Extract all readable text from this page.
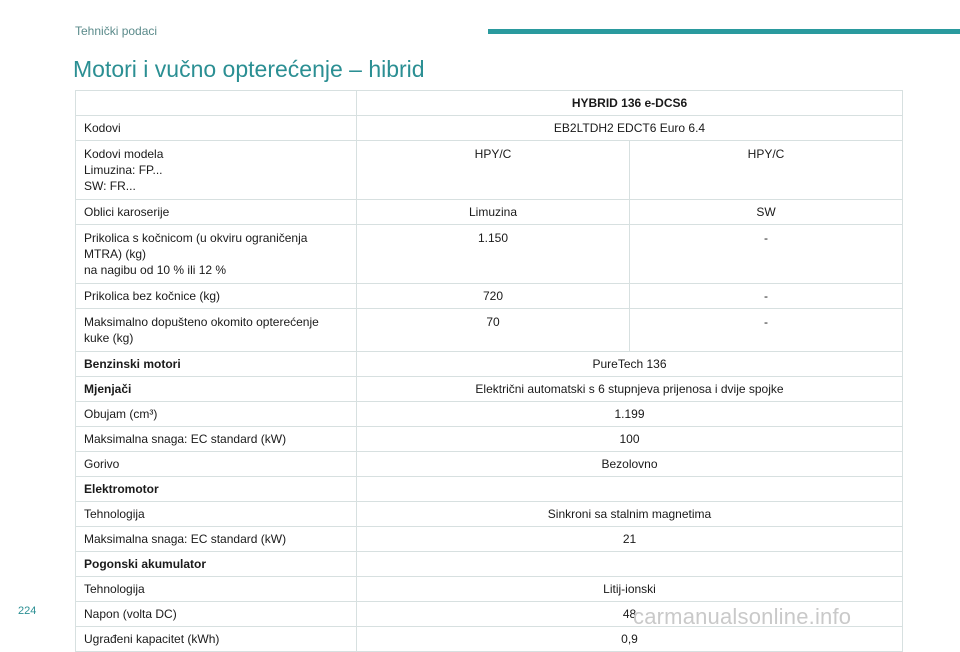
Tehnički podaci
Motori i vučno opterećenje – hibrid
	HYBRID 136 e-DCS6	

Kodovi	EB2LTDH2 EDCT6 Euro 6.4	

Kodovi modela
Limuzina: FP...
SW: FR...	HPY/C	HPY/C

Oblici karoserije	Limuzina	SW

Prikolica s kočnicom (u okviru ograničenja
MTRA) (kg)
na nagibu od 10 % ili 12 %	1.150	-

Prikolica bez kočnice (kg)	720	-

Maksimalno dopušteno okomito opterećenje
kuke (kg)	70	-

Benzinski motori	PureTech 136	

Mjenjači	Električni automatski s 6 stupnjeva prijenosa i dvije spojke	

Obujam (cm³)	1.199	

Maksimalna snaga: EC standard (kW)	100	

Gorivo	Bezolovno	

Elektromotor		

Tehnologija	Sinkroni sa stalnim magnetima	

Maksimalna snaga: EC standard (kW)	21	

Pogonski akumulator		

Tehnologija	Litij-ionski	

Napon (volta DC)	48	

Ugrađeni kapacitet (kWh)	0,9	
224	carmanualsonline.info
